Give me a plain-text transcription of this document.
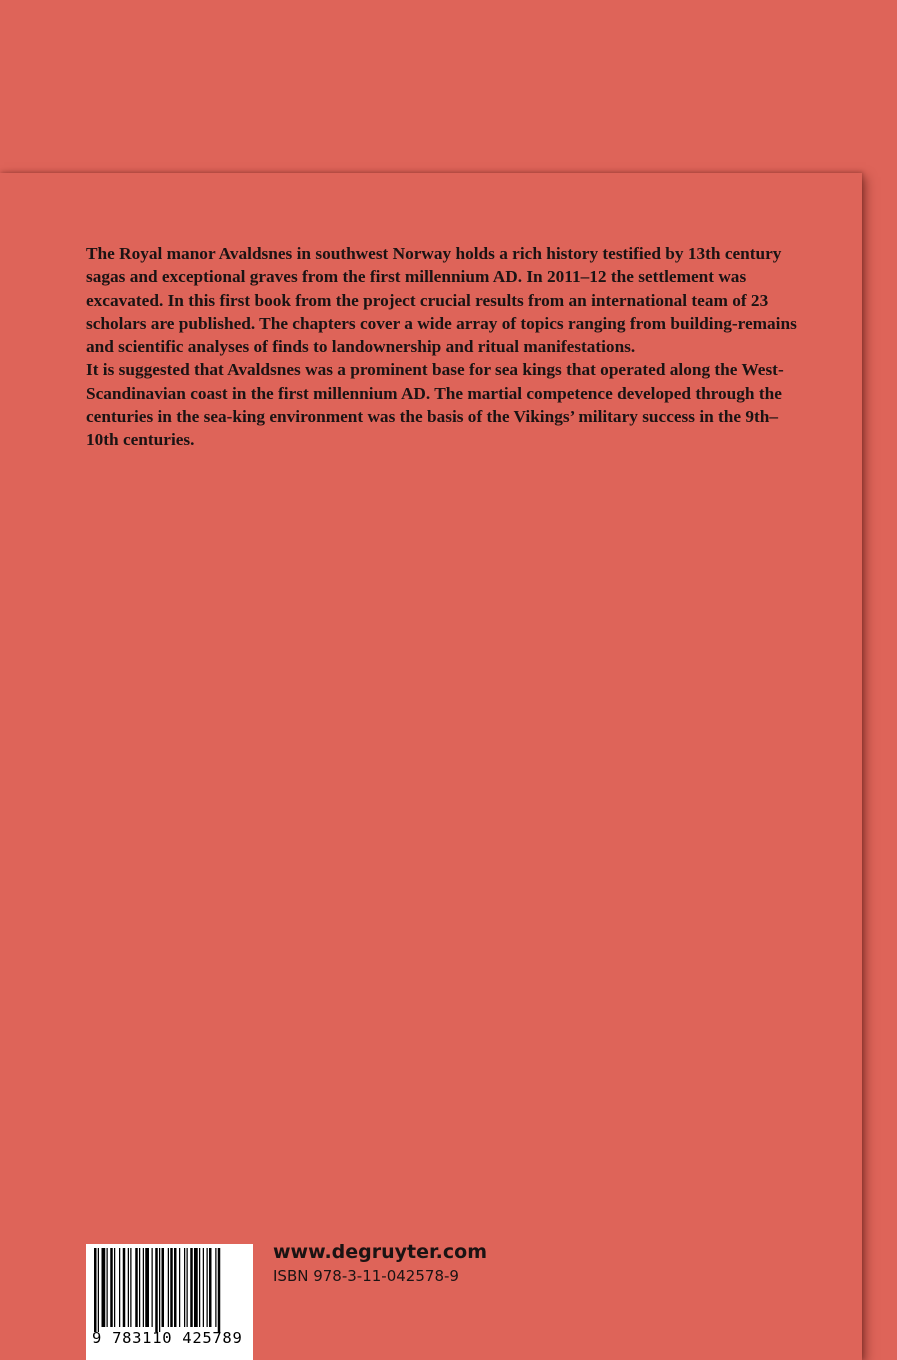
The Royal manor Avaldsnes in southwest Norway holds a rich history testified by 13th century sagas and exceptional graves from the first millennium AD. In 2011–12 the settlement was excavated. In this first book from the project crucial results from an international team of 23 scholars are published. The chapters cover a wide array of topics ranging from building-remains and scientific analyses of finds to landownership and ritual manifestations.

It is suggested that Avaldsnes was a prominent base for sea kings that operated along the West-Scandinavian coast in the first millennium AD. The martial competence developed through the centuries in the sea-king environment was the basis of the Vikings’ military success in the 9th–10th centuries.

9 783110 425789
www.degruyter.com
ISBN 978-3-11-042578-9
